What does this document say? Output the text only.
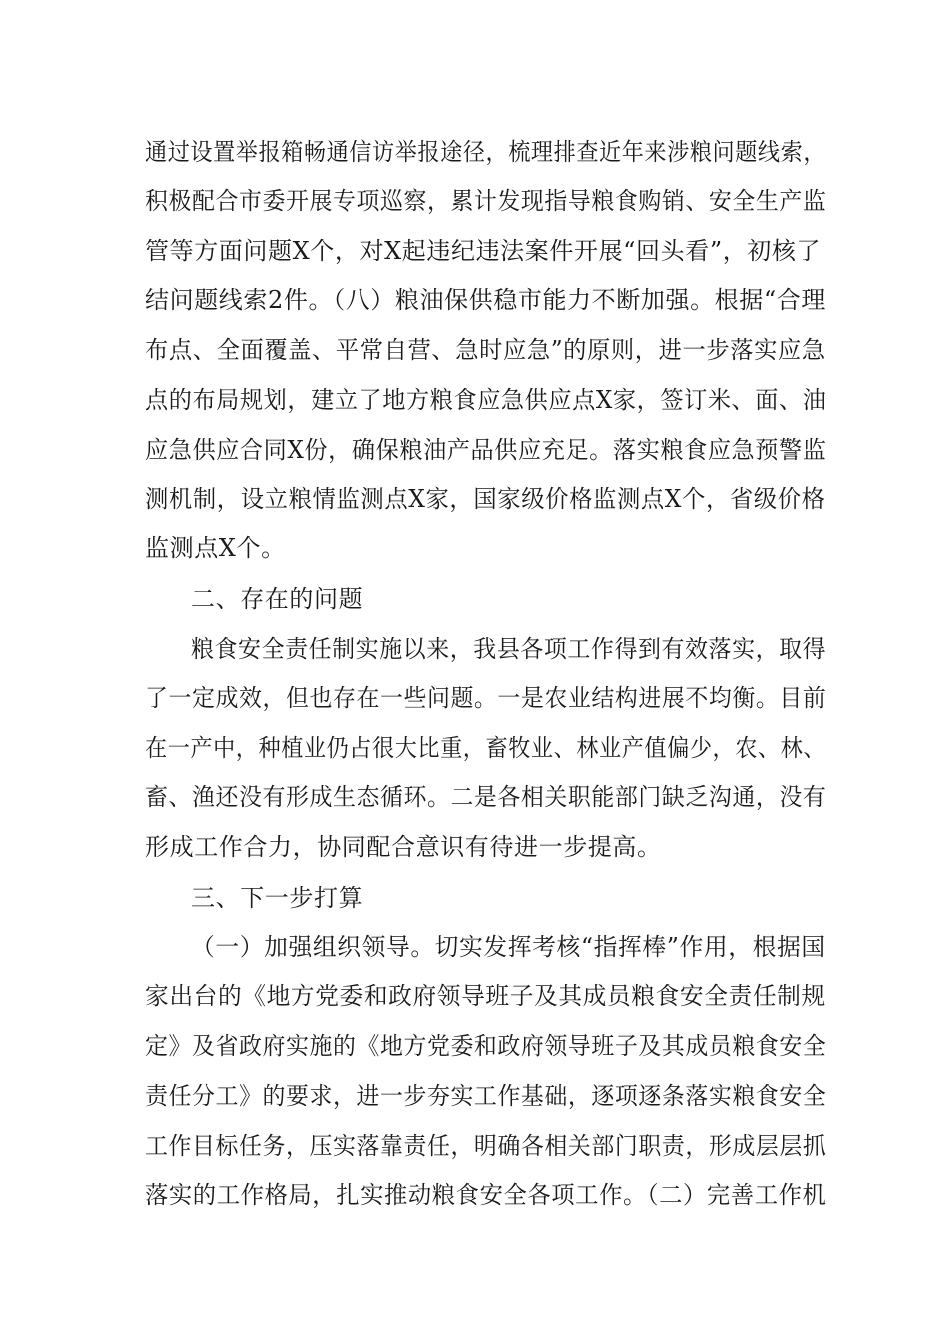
通过设置举报箱畅通信访举报途径，梳理排查近年来涉粮问题线索，
积极配合市委开展专项巡察，累计发现指导粮食购销、安全生产监
管等方面问题X个，对X起违纪违法案件开展“回头看”，初核了
结问题线索2件。（八）粮油保供稳市能力不断加强。根据“合理
布点、全面覆盖、平常自营、急时应急”的原则，进一步落实应急
点的布局规划，建立了地方粮食应急供应点X家，签订米、面、油
应急供应合同X份，确保粮油产品供应充足。落实粮食应急预警监
测机制，设立粮情监测点X家，国家级价格监测点X个，省级价格
监测点X个。
二、存在的问题
粮食安全责任制实施以来，我县各项工作得到有效落实，取得
了一定成效，但也存在一些问题。一是农业结构进展不均衡。目前
在一产中，种植业仍占很大比重，畜牧业、林业产值偏少，农、林、
畜、渔还没有形成生态循环。二是各相关职能部门缺乏沟通，没有
形成工作合力，协同配合意识有待进一步提高。
三、下一步打算
（一）加强组织领导。切实发挥考核“指挥棒”作用，根据国
家出台的《地方党委和政府领导班子及其成员粮食安全责任制规
定》及省政府实施的《地方党委和政府领导班子及其成员粮食安全
责任分工》的要求，进一步夯实工作基础，逐项逐条落实粮食安全
工作目标任务，压实落靠责任，明确各相关部门职责，形成层层抓
落实的工作格局，扎实推动粮食安全各项工作。（二）完善工作机
